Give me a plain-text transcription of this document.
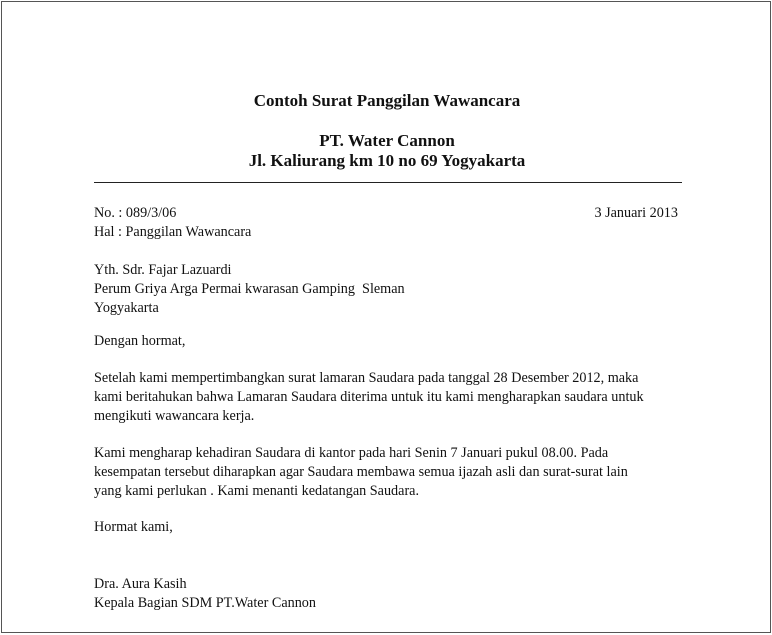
Contoh Surat Panggilan Wawancara
PT. Water Cannon
Jl. Kaliurang km 10 no 69 Yogyakarta
No. : 089/3/06	3 Januari 2013
Hal : Panggilan Wawancara
Yth. Sdr. Fajar Lazuardi
Perum Griya Arga Permai kwarasan Gamping  Sleman
Yogyakarta
Dengan hormat,
Setelah kami mempertimbangkan surat lamaran Saudara pada tanggal 28 Desember 2012, maka
kami beritahukan bahwa Lamaran Saudara diterima untuk itu kami mengharapkan saudara untuk
mengikuti wawancara kerja.
Kami mengharap kehadiran Saudara di kantor pada hari Senin 7 Januari pukul 08.00. Pada
kesempatan tersebut diharapkan agar Saudara membawa semua ijazah asli dan surat-surat lain
yang kami perlukan . Kami menanti kedatangan Saudara.
Hormat kami,
Dra. Aura Kasih
Kepala Bagian SDM PT.Water Cannon
